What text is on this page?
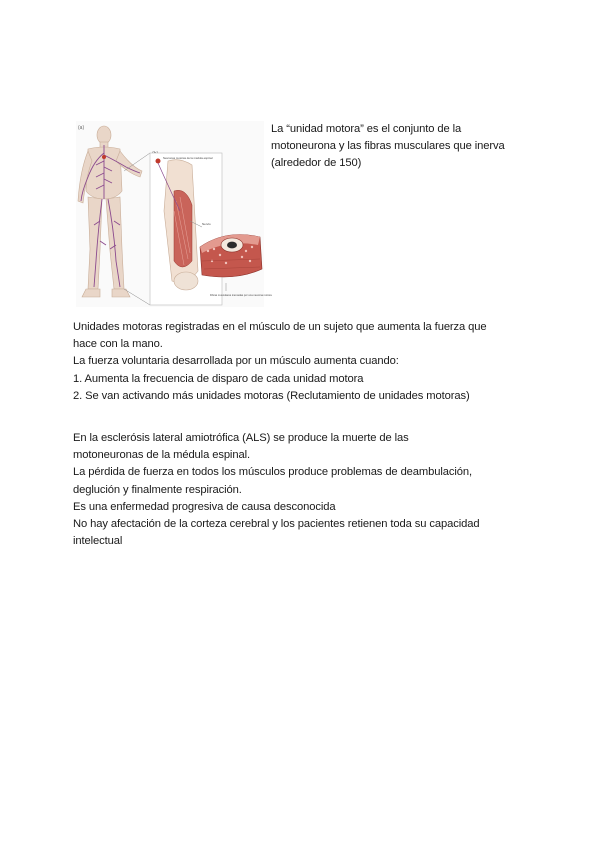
(a)
Neuronas motoras de la médula espinal
Nervio
Fibras musculares inervadas por una neurona motora

La “unidad motora” es el conjunto de la

motoneurona y las fibras musculares que inerva

(alrededor de 150)

Unidades motoras registradas en el músculo de un sujeto que aumenta la fuerza que

hace con la mano.

La fuerza voluntaria desarrollada por un músculo aumenta cuando:

1. Aumenta la frecuencia de disparo de cada unidad motora

2. Se van activando más unidades motoras (Reclutamiento de unidades motoras)

En la esclerósis lateral amiotrófica (ALS) se produce la muerte de las

motoneuronas de la médula espinal.

La pérdida de fuerza en todos los músculos produce problemas de deambulación,

deglución y finalmente respiración.

Es una enfermedad progresiva de causa desconocida

No hay afectación de la corteza cerebral y los pacientes retienen toda su capacidad

intelectual
